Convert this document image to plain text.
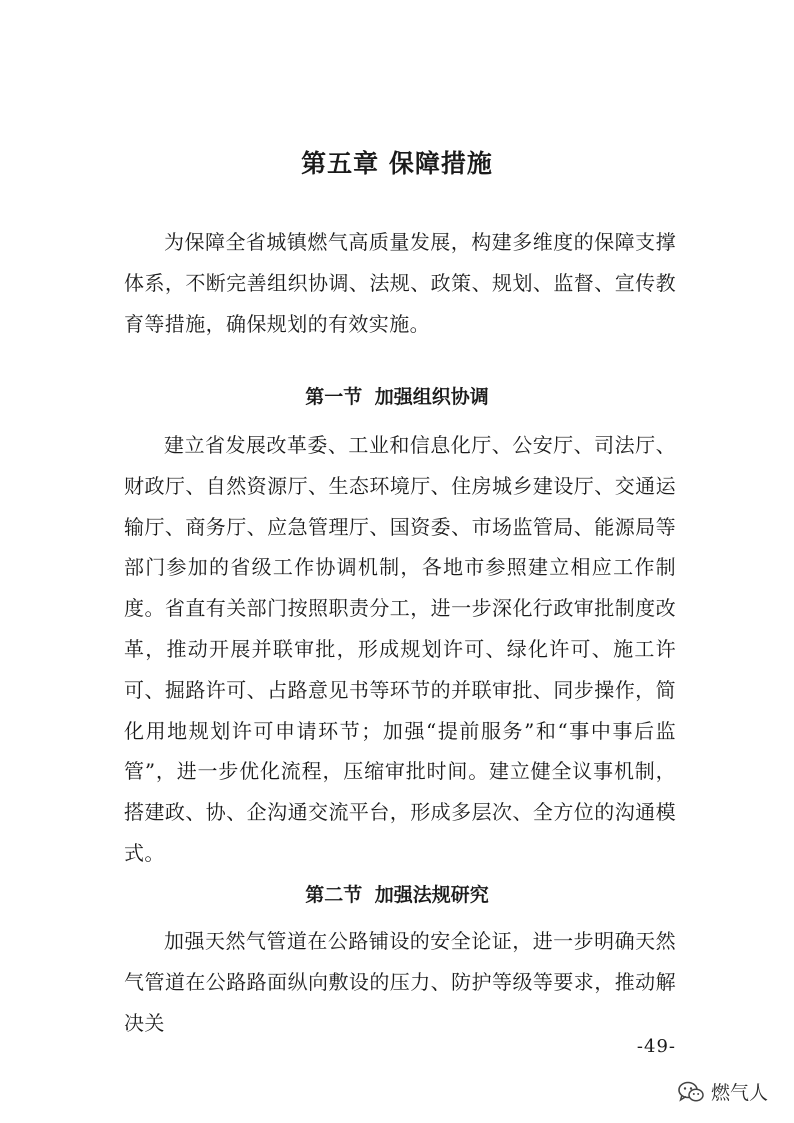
第五章 保障措施
为保障全省城镇燃气高质量发展，构建多维度的保障支撑体系，不断完善组织协调、法规、政策、规划、监督、宣传教育等措施，确保规划的有效实施。
第一节 加强组织协调
建立省发展改革委、工业和信息化厅、公安厅、司法厅、财政厅、自然资源厅、生态环境厅、住房城乡建设厅、交通运输厅、商务厅、应急管理厅、国资委、市场监管局、能源局等部门参加的省级工作协调机制，各地市参照建立相应工作制度。省直有关部门按照职责分工，进一步深化行政审批制度改革，推动开展并联审批，形成规划许可、绿化许可、施工许可、掘路许可、占路意见书等环节的并联审批、同步操作，简化用地规划许可申请环节；加强“提前服务”和“事中事后监管”，进一步优化流程，压缩审批时间。建立健全议事机制，搭建政、协、企沟通交流平台，形成多层次、全方位的沟通模式。
第二节 加强法规研究
加强天然气管道在公路铺设的安全论证，进一步明确天然气管道在公路路面纵向敷设的压力、防护等级等要求，推动解决关
-49-
燃气人
